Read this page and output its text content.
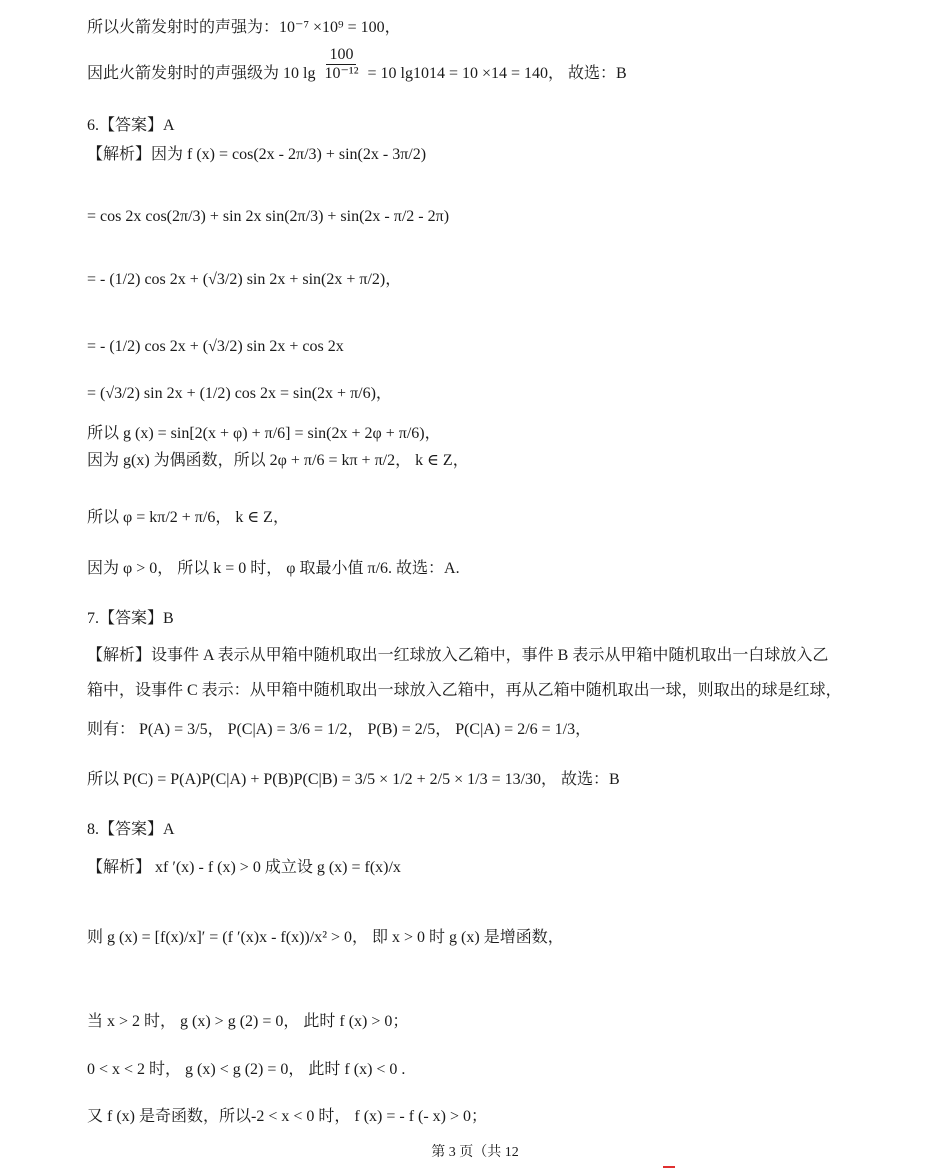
所以火箭发射时的声强为：10⁻⁷ ×10⁹ = 100，
因此火箭发射时的声强级为 10 $\lg \frac{100}{\text{10⁻¹²}} = 10$ lg1014 = 10 ×14 = 140， 故选：B
6.【答案】A
【解析】因为 f (x) = cos(2x - 2π/3) + sin(2x - 3π/2)
= cos 2x cos(2π/3) + sin 2x sin(2π/3) + sin(2x - π/2 - 2π)
= - (1/2) cos 2x + (√3/2) sin 2x + sin(2x + π/2)，
= - (1/2) cos 2x + (√3/2) sin 2x + cos 2x
= (√3/2) sin 2x + (1/2) cos 2x = sin(2x + π/6)，
所以 g (x) = sin[2(x + φ) + π/6] = sin(2x + 2φ + π/6)，
因为 g(x) 为偶函数，所以 2φ + π/6 = kπ + π/2， k ∈ Z，
所以 φ = kπ/2 + π/6， k ∈ Z，
因为 φ > 0， 所以 k = 0 时， φ 取最小值 π/6. 故选：A.
7.【答案】B
【解析】设事件 A 表示从甲箱中随机取出一红球放入乙箱中，事件 B 表示从甲箱中随机取出一白球放入乙
箱中，设事件 C 表示：从甲箱中随机取出一球放入乙箱中，再从乙箱中随机取出一球，则取出的球是红球，
则有： P(A) = 3/5， P(C|A) = 3/6 = 1/2， P(B) = 2/5， P(C|A) = 2/6 = 1/3，
所以 P(C) = P(A)P(C|A) + P(B)P(C|B) = 3/5 × 1/2 + 2/5 × 1/3 = 13/30， 故选：B
8.【答案】A
【解析】 xf ′(x) - f (x) > 0 成立设 g (x) = f(x)/x
则 g (x) = [f(x)/x]′ = (f ′(x)x - f(x))/x² > 0， 即 x > 0 时 g (x) 是增函数，
当 x > 2 时， g (x) > g (2) = 0， 此时 f (x) > 0；
0 < x < 2 时， g (x) < g (2) = 0， 此时 f (x) < 0 .
又 f (x) 是奇函数，所以-2 < x < 0 时， f (x) = - f (- x) > 0；
第 3 页（共 12
